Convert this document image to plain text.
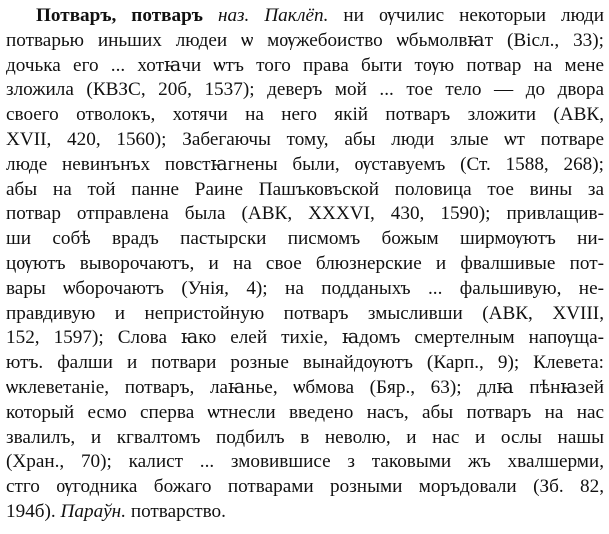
Потваръ, потваръ наз. Паклёп. ни ѹчилис некоторыи люди
потварью иньших людеи ѡ мѹжебоиство ѡбьмолвꙗт (Вісл., 33);
дочька его ... хотꙗчи ѡтъ того права быти тѹю потвар на мене
зложила (КВЗС, 20б, 1537); деверъ мой ... тое тело — до двора
своего отволокъ, хотячи на него якій потваръ зложити (АВК,
XVII, 420, 1560); Забегаючы тому, абы люди злые ѡт потваре
люде невинънъх повстꙗгнены были, ѹставуемъ (Ст. 1588, 268);
абы на той панне Раине Пашъковъской половица тое вины за
потвар отправлена была (АВК, XXXVI, 430, 1590); привлащив-
ши собѣ врадъ пастырски писмомъ божым ширмѹютъ ни-
цѹютъ выворочаютъ, и на свое блюзнерские и фвалшивые пот-
вары ѡборочаютъ (Унія, 4); на подданыхъ ... фальшивую, не-
правдивую и непристойную потваръ змысливши (АВК, XVIII,
152, 1597); Слова ꙗко елей тихіе, ꙗдомъ смертелным напѹща-
ютъ. фалши и потвари розные вынайдѹютъ (Карп., 9); Клевета:
ѡклеветаніе, потваръ, лаꙗнье, ѡбмова (Бяр., 63); длꙗ пѣнꙗзей
который есмо сперва ѡтнесли введено насъ, абы потваръ на нас
звалилъ, и кгвалтомъ подбилъ в неволю, и нас и ослы нашы
(Хран., 70); калист ... змовившисе з таковыми жъ хвалшерми,
стго ѹгодника божаго потварами розными моръдовали (Зб. 82,
194б). Параўн. потварство.
